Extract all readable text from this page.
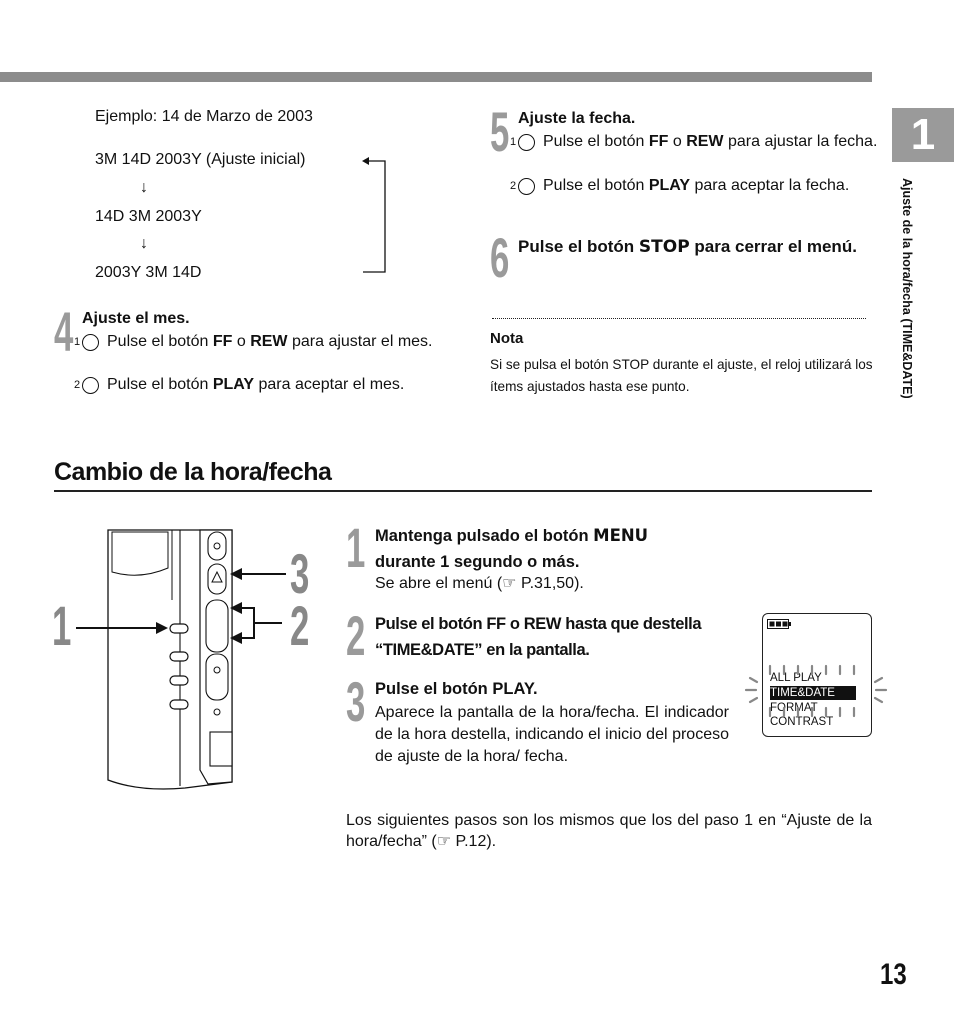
1
Ajuste de la hora/fecha (TIME&DATE)
Ejemplo: 14 de Marzo de 2003
3M 14D 2003Y (Ajuste inicial)
↓
14D 3M 2003Y
↓
2003Y 3M 14D
4 Ajuste el mes.
1 Pulse el botón FF o REW para ajustar el mes.
2 Pulse el botón PLAY para aceptar el mes.
5 Ajuste la fecha.
1 Pulse el botón FF o REW para ajustar la fecha.
2 Pulse el botón PLAY para aceptar la fecha.
6 Pulse el botón STOP para cerrar el menú.
Nota
Si se pulsa el botón STOP durante el ajuste, el reloj utilizará los ítems ajustados hasta ese punto.
Cambio de la hora/fecha
1
3
2
1 Mantenga pulsado el botón MENU
durante 1 segundo o más.
Se abre el menú (☞ P.31,50).
2 Pulse el botón FF o REW hasta que destella “TIME&DATE” en la pantalla.
3 Pulse el botón PLAY.
Aparece la pantalla de la hora/fecha. El indicador de la hora destella, indicando el inicio del proceso de ajuste de la hora/ fecha.
ALL PLAY
TIME&DATE
FORMAT
CONTRAST
Los siguientes pasos son los mismos que los del paso 1 en “Ajuste de la hora/fecha” (☞ P.12).
13
